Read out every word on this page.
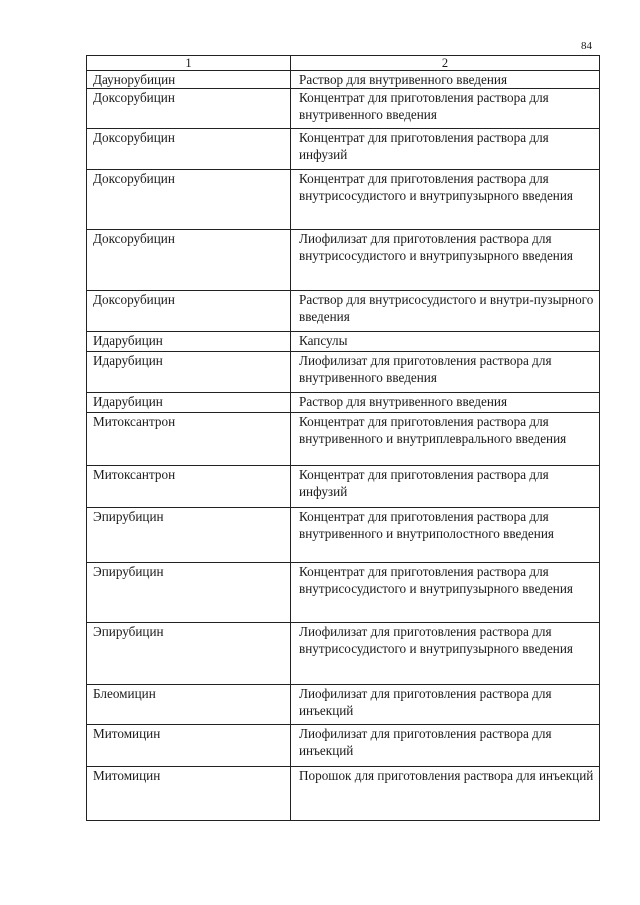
84
1	2
Даунорубицин	Раствор для внутривенного введения
Доксорубицин	Концентрат для приготовления раствора для внутривенного введения
Доксорубицин	Концентрат для приготовления раствора для инфузий
Доксорубицин	Концентрат для приготовления раствора для внутрисосудистого и внутрипузырного введения
Доксорубицин	Лиофилизат для приготовления раствора для внутрисосудистого и внутрипузырного введения
Доксорубицин	Раствор для внутрисосудистого и внутри-пузырного введения
Идарубицин	Капсулы
Идарубицин	Лиофилизат для приготовления раствора для внутривенного введения
Идарубицин	Раствор для внутривенного введения
Митоксантрон	Концентрат для приготовления раствора для внутривенного и внутриплеврального введения
Митоксантрон	Концентрат для приготовления раствора для инфузий
Эпирубицин	Концентрат для приготовления раствора для внутривенного и внутриполостного введения
Эпирубицин	Концентрат для приготовления раствора для внутрисосудистого и внутрипузырного введения
Эпирубицин	Лиофилизат для приготовления раствора для внутрисосудистого и внутрипузырного введения
Блеомицин	Лиофилизат для приготовления раствора для инъекций
Митомицин	Лиофилизат для приготовления раствора для инъекций
Митомицин	Порошок для приготовления раствора для инъекций
